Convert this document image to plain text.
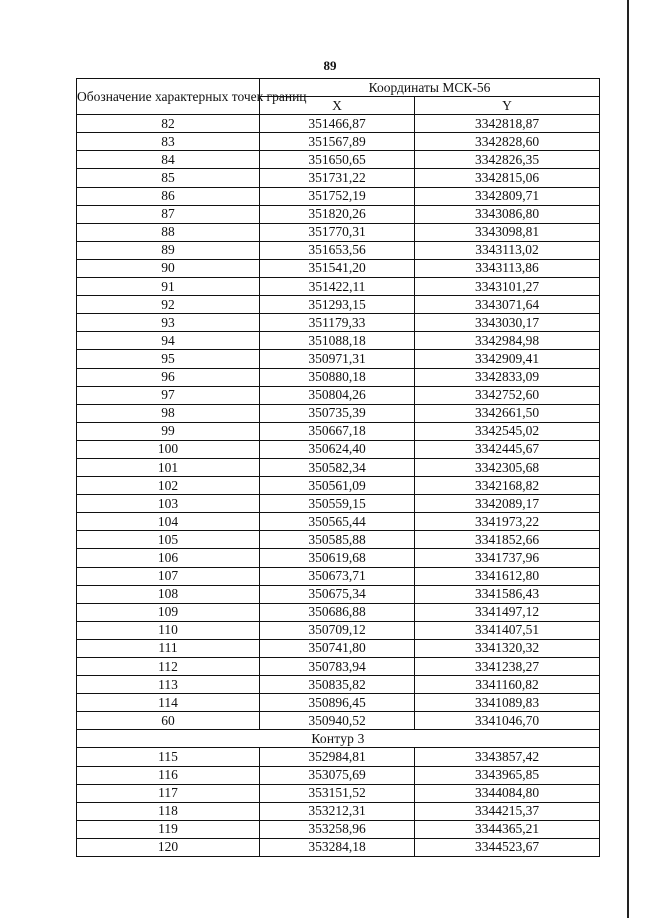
89
Обозначение характерных точек границ	Координаты МСК-56	
	X	Y
82	351466,87	3342818,87
83	351567,89	3342828,60
84	351650,65	3342826,35
85	351731,22	3342815,06
86	351752,19	3342809,71
87	351820,26	3343086,80
88	351770,31	3343098,81
89	351653,56	3343113,02
90	351541,20	3343113,86
91	351422,11	3343101,27
92	351293,15	3343071,64
93	351179,33	3343030,17
94	351088,18	3342984,98
95	350971,31	3342909,41
96	350880,18	3342833,09
97	350804,26	3342752,60
98	350735,39	3342661,50
99	350667,18	3342545,02
100	350624,40	3342445,67
101	350582,34	3342305,68
102	350561,09	3342168,82
103	350559,15	3342089,17
104	350565,44	3341973,22
105	350585,88	3341852,66
106	350619,68	3341737,96
107	350673,71	3341612,80
108	350675,34	3341586,43
109	350686,88	3341497,12
110	350709,12	3341407,51
111	350741,80	3341320,32
112	350783,94	3341238,27
113	350835,82	3341160,82
114	350896,45	3341089,83
60	350940,52	3341046,70
Контур 3		
115	352984,81	3343857,42
116	353075,69	3343965,85
117	353151,52	3344084,80
118	353212,31	3344215,37
119	353258,96	3344365,21
120	353284,18	3344523,67
